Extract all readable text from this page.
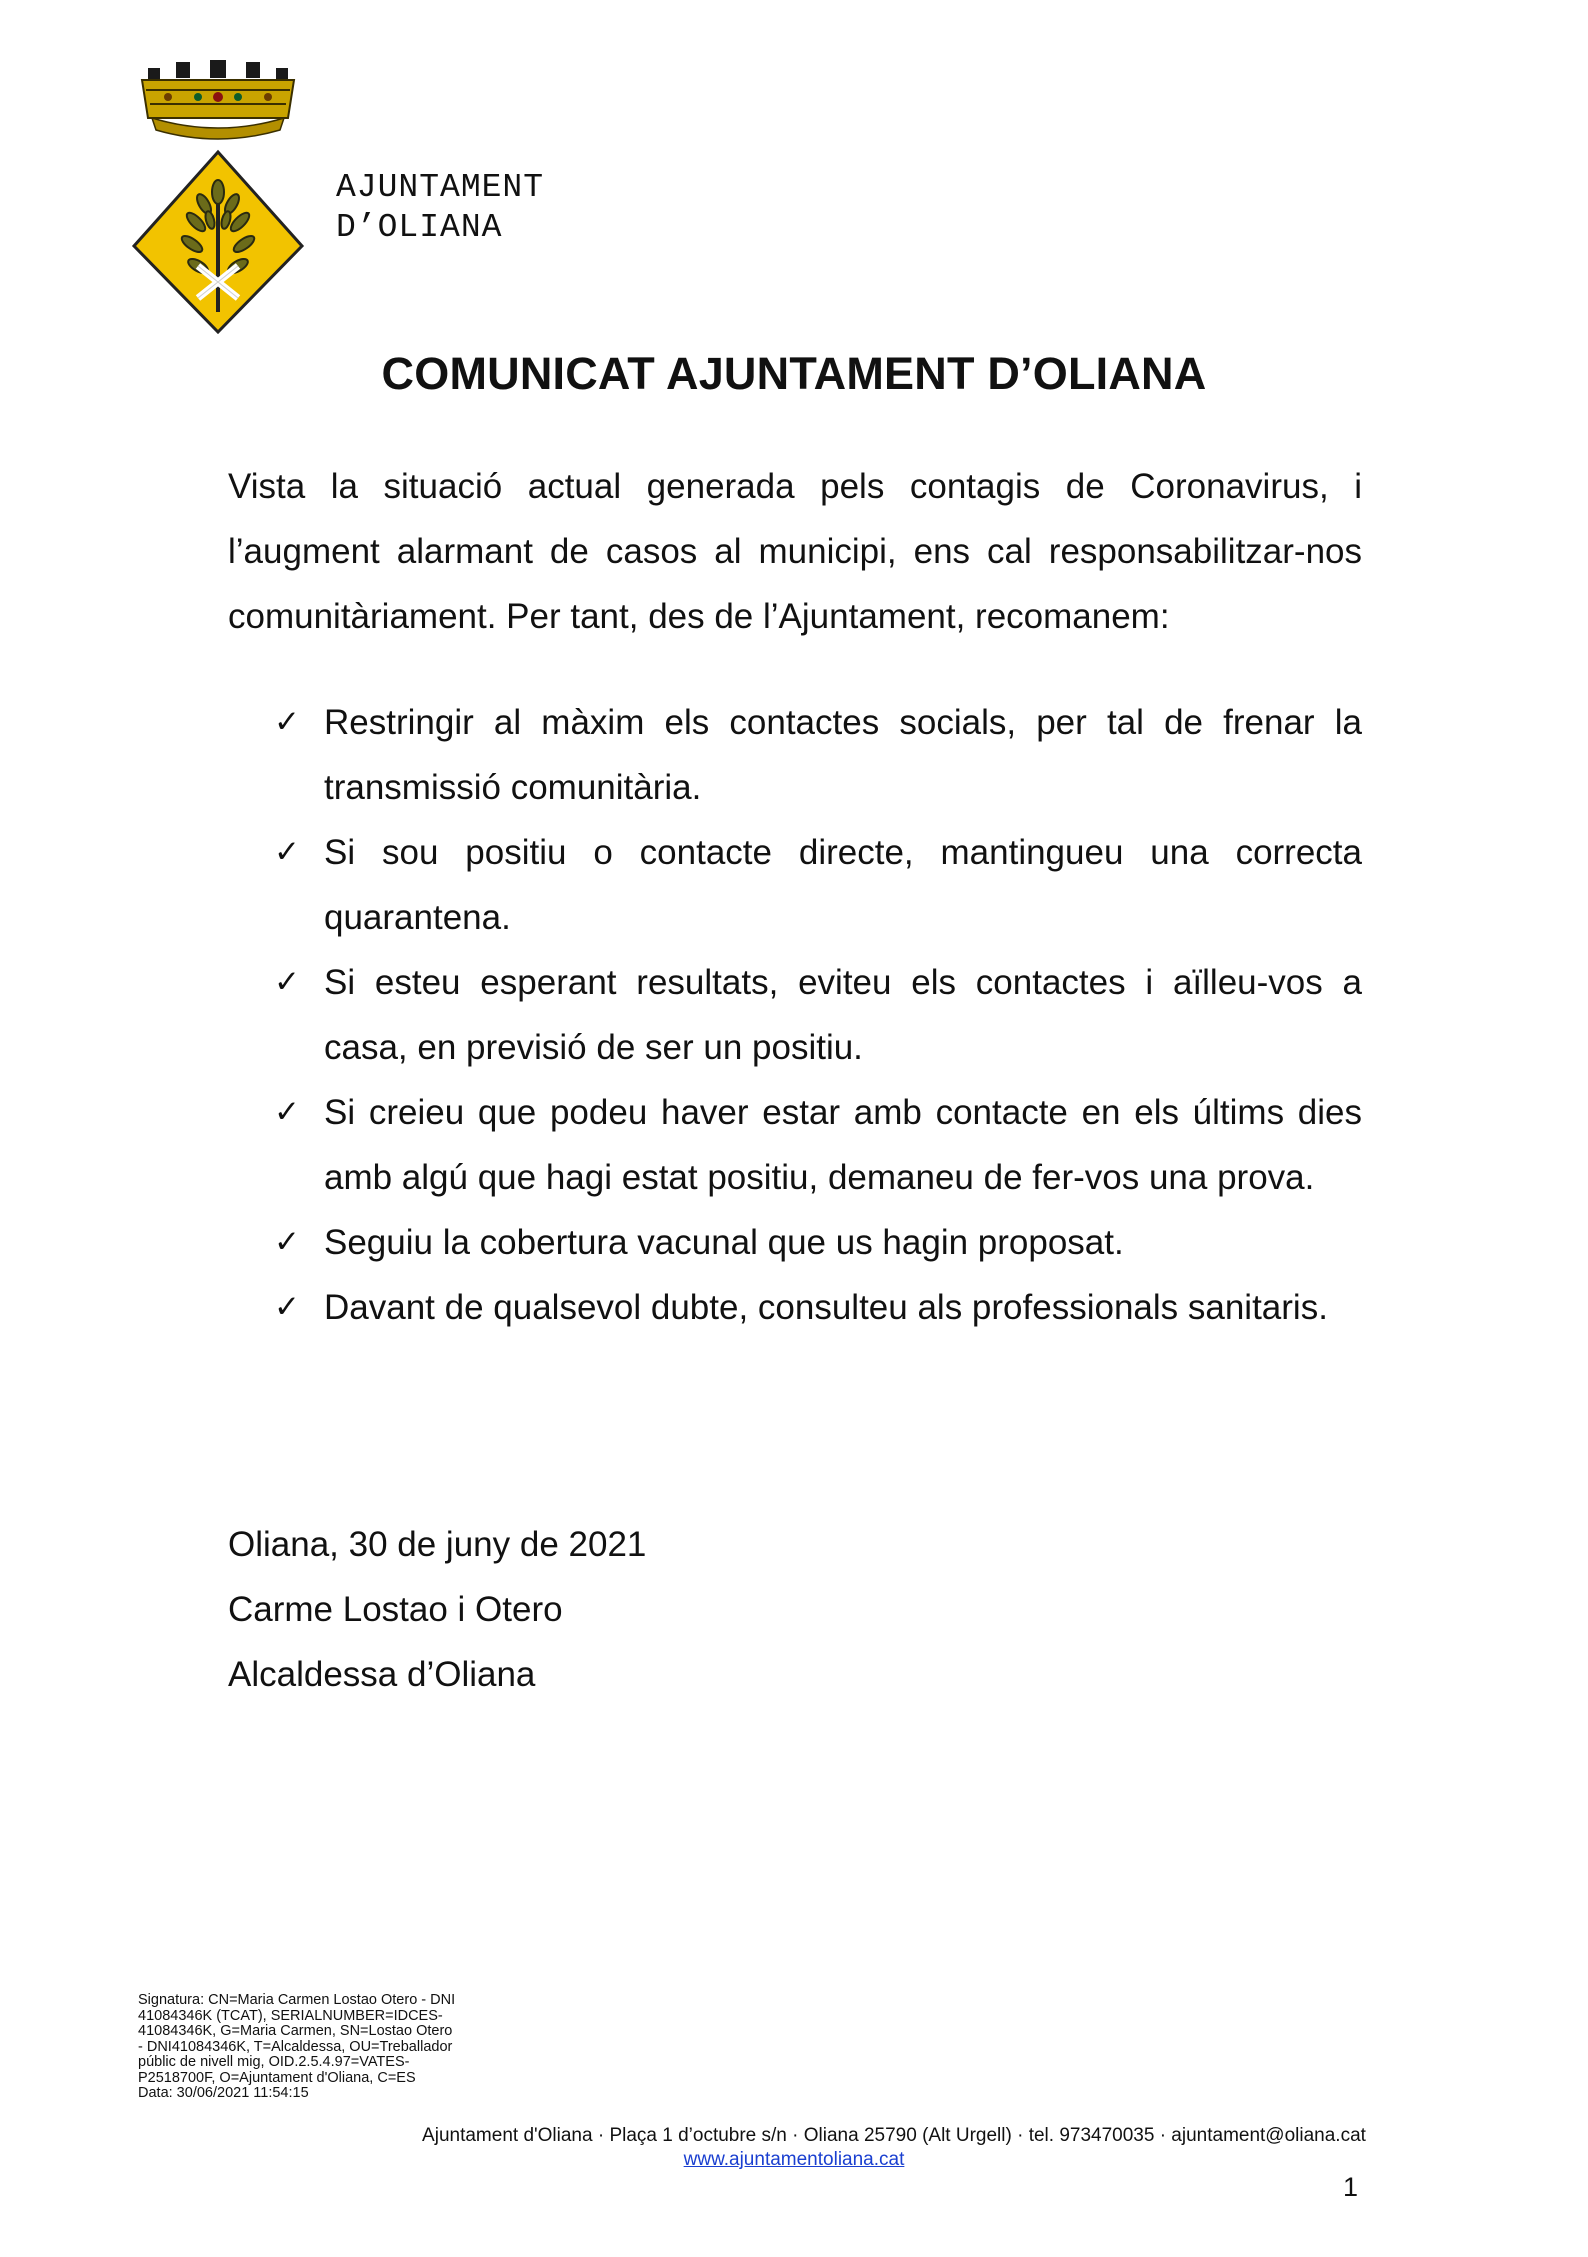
AJUNTAMENT
D’OLIANA
COMUNICAT AJUNTAMENT D’OLIANA
Vista la situació actual generada pels contagis de Coronavirus, i l’augment alarmant de casos al municipi, ens cal responsabilitzar-nos comunitàriament. Per tant, des de l’Ajuntament, recomanem:
✓ Restringir al màxim els contactes socials, per tal de frenar la transmissió comunitària.
✓ Si sou positiu o contacte directe, mantingueu una correcta quarantena.
✓ Si esteu esperant resultats, eviteu els contactes i aïlleu-vos a casa, en previsió de ser un positiu.
✓ Si creieu que podeu haver estar amb contacte en els últims dies amb algú que hagi estat positiu, demaneu de fer-vos una prova.
✓ Seguiu la cobertura vacunal que us hagin proposat.
✓ Davant de qualsevol dubte, consulteu als professionals sanitaris.
Oliana, 30 de juny de 2021
Carme Lostao i Otero
Alcaldessa d’Oliana
Signatura: CN=Maria Carmen Lostao Otero - DNI
41084346K (TCAT), SERIALNUMBER=IDCES-
41084346K, G=Maria Carmen, SN=Lostao Otero
- DNI41084346K, T=Alcaldessa, OU=Treballador
públic de nivell mig, OID.2.5.4.97=VATES-
P2518700F, O=Ajuntament d'Oliana, C=ES
Data: 30/06/2021 11:54:15
Ajuntament d'Oliana · Plaça 1 d’octubre s/n · Oliana 25790 (Alt Urgell) · tel. 973470035 · ajuntament@oliana.cat
www.ajuntamentoliana.cat
1
